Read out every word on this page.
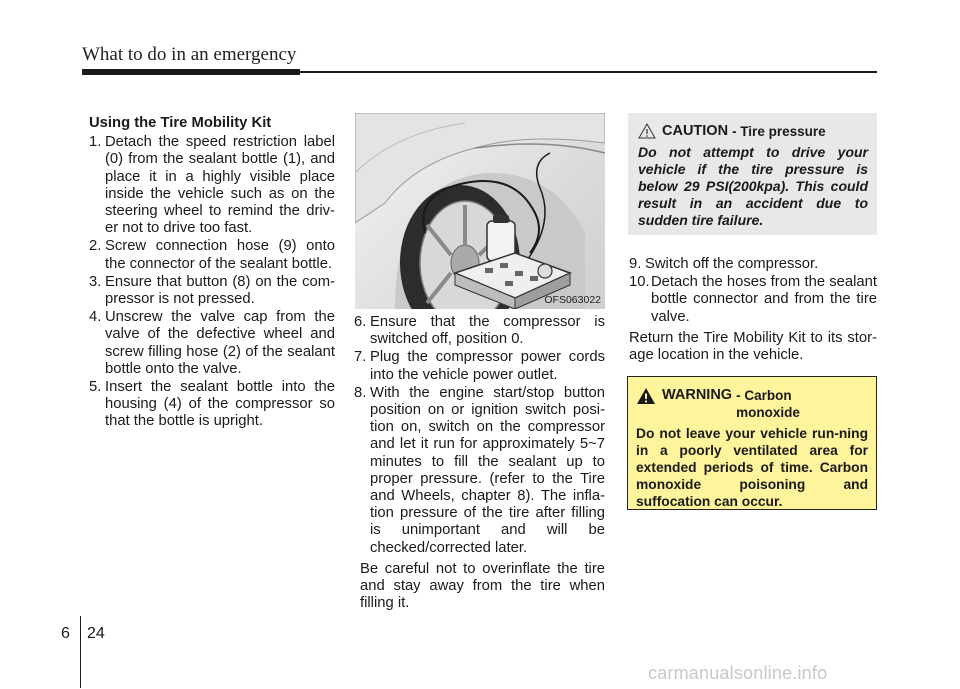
What to do in an emergency
Using the Tire Mobility Kit
1. Detach the speed restriction label (0) from the sealant bottle (1), and place it in a highly visible place inside the vehicle such as on the steering wheel to remind the driv-er not to drive too fast.
2. Screw connection hose (9) onto the connector of the sealant bottle.
3. Ensure that button (8) on the com-pressor is not pressed.
4. Unscrew the valve cap from the valve of the defective wheel and screw filling hose (2) of the sealant bottle onto the valve.
5. Insert the sealant bottle into the housing (4) of the compressor so that the bottle is upright.
OFS063022
6. Ensure that the compressor is switched off, position 0.
7. Plug the compressor power cords into the vehicle power outlet.
8. With the engine start/stop button position on or ignition switch posi-tion on, switch on the compressor and let it run for approximately 5~7 minutes to fill the sealant up to proper pressure. (refer to the Tire and Wheels, chapter 8). The infla-tion pressure of the tire after filling is unimportant and will be checked/corrected later.
Be careful not to overinflate the tire and stay away from the tire when filling it.
CAUTION - Tire pressure
Do not attempt to drive your vehicle if the tire pressure is below 29 PSI(200kpa). This could result in an accident due to sudden tire failure.
9. Switch off the compressor.
10. Detach the hoses from the sealant bottle connector and from the tire valve.
Return the Tire Mobility Kit to its stor-age location in the vehicle.
WARNING - Carbon monoxide
Do not leave your vehicle run-ning in a poorly ventilated area for extended periods of time. Carbon monoxide poisoning and suffocation can occur.
6 24
carmanualsonline.info
